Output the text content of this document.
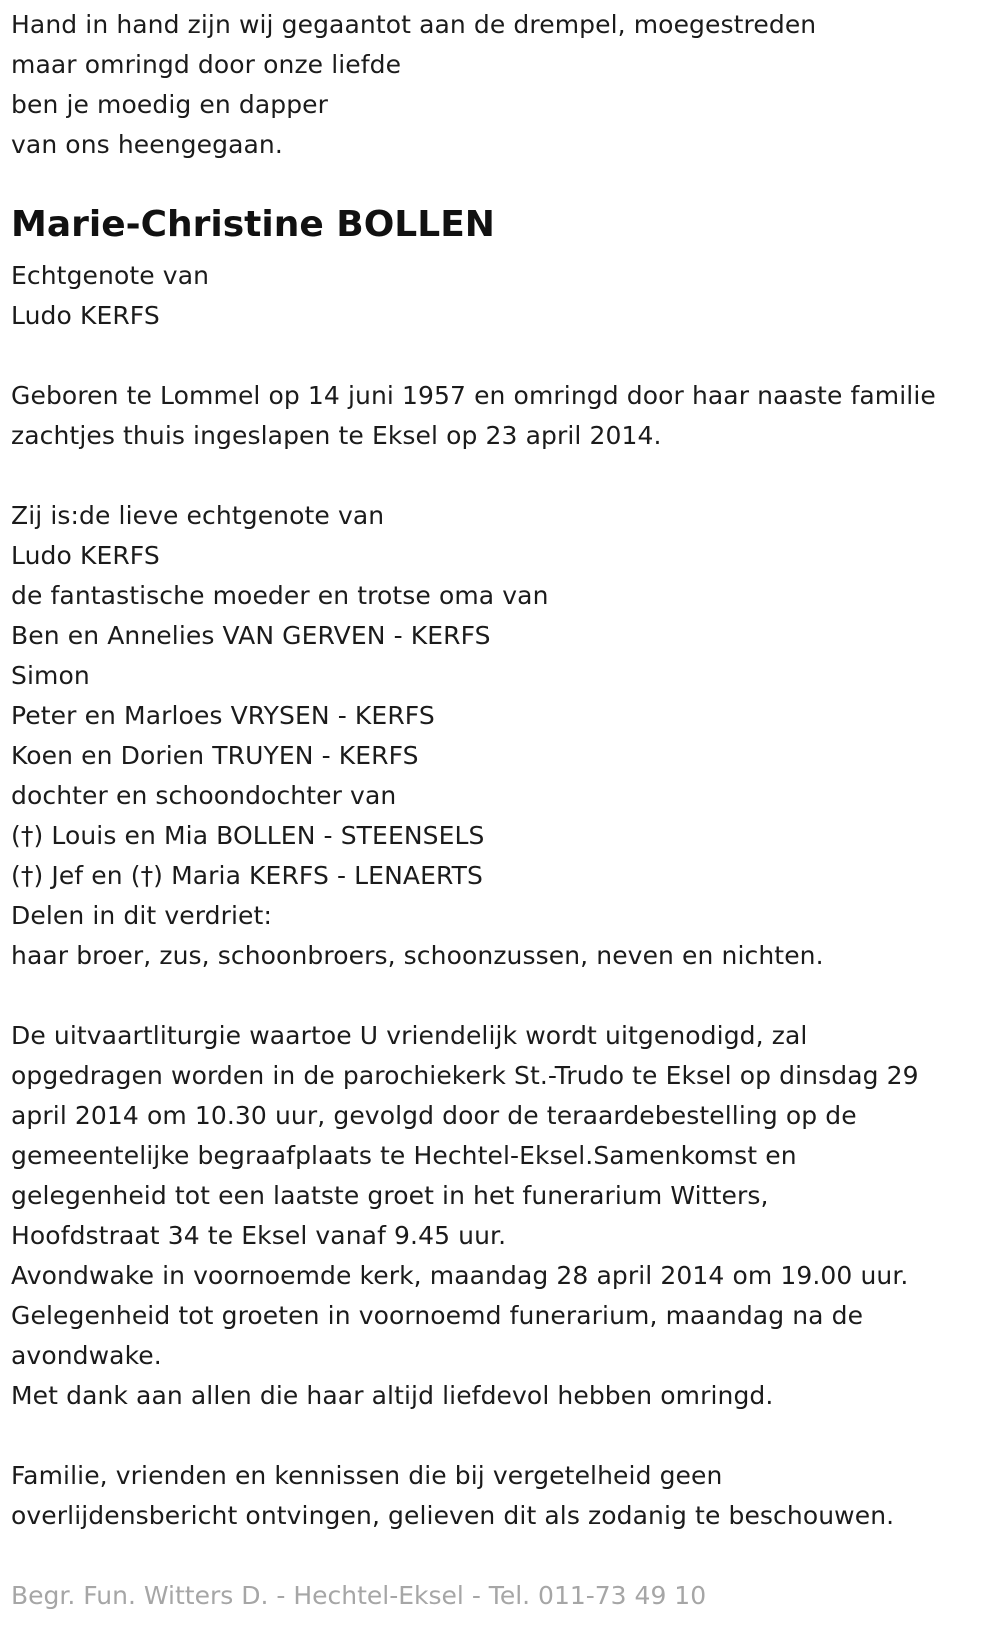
Hand in hand zijn wij gegaantot aan de drempel, moegestreden
maar omringd door onze liefde
ben je moedig en dapper
van ons heengegaan.
Marie-Christine BOLLEN
Echtgenote van
Ludo KERFS
Geboren te Lommel op 14 juni 1957 en omringd door haar naaste familie
zachtjes thuis ingeslapen te Eksel op 23 april 2014.
Zij is:de lieve echtgenote van
Ludo KERFS
de fantastische moeder en trotse oma van
Ben en Annelies VAN GERVEN - KERFS
Simon
Peter en Marloes VRYSEN - KERFS
Koen en Dorien TRUYEN - KERFS
dochter en schoondochter van
(†) Louis en Mia BOLLEN - STEENSELS
(†) Jef en (†) Maria KERFS - LENAERTS
Delen in dit verdriet:
haar broer, zus, schoonbroers, schoonzussen, neven en nichten.
De uitvaartliturgie waartoe U vriendelijk wordt uitgenodigd, zal
opgedragen worden in de parochiekerk St.-Trudo te Eksel op dinsdag 29
april 2014 om 10.30 uur, gevolgd door de teraardebestelling op de
gemeentelijke begraafplaats te Hechtel-Eksel.Samenkomst en
gelegenheid tot een laatste groet in het funerarium Witters,
Hoofdstraat 34 te Eksel vanaf 9.45 uur.
Avondwake in voornoemde kerk, maandag 28 april 2014 om 19.00 uur.
Gelegenheid tot groeten in voornoemd funerarium, maandag na de
avondwake.
Met dank aan allen die haar altijd liefdevol hebben omringd.
Familie, vrienden en kennissen die bij vergetelheid geen
overlijdensbericht ontvingen, gelieven dit als zodanig te beschouwen.
Begr. Fun. Witters D. - Hechtel-Eksel - Tel. 011-73 49 10
